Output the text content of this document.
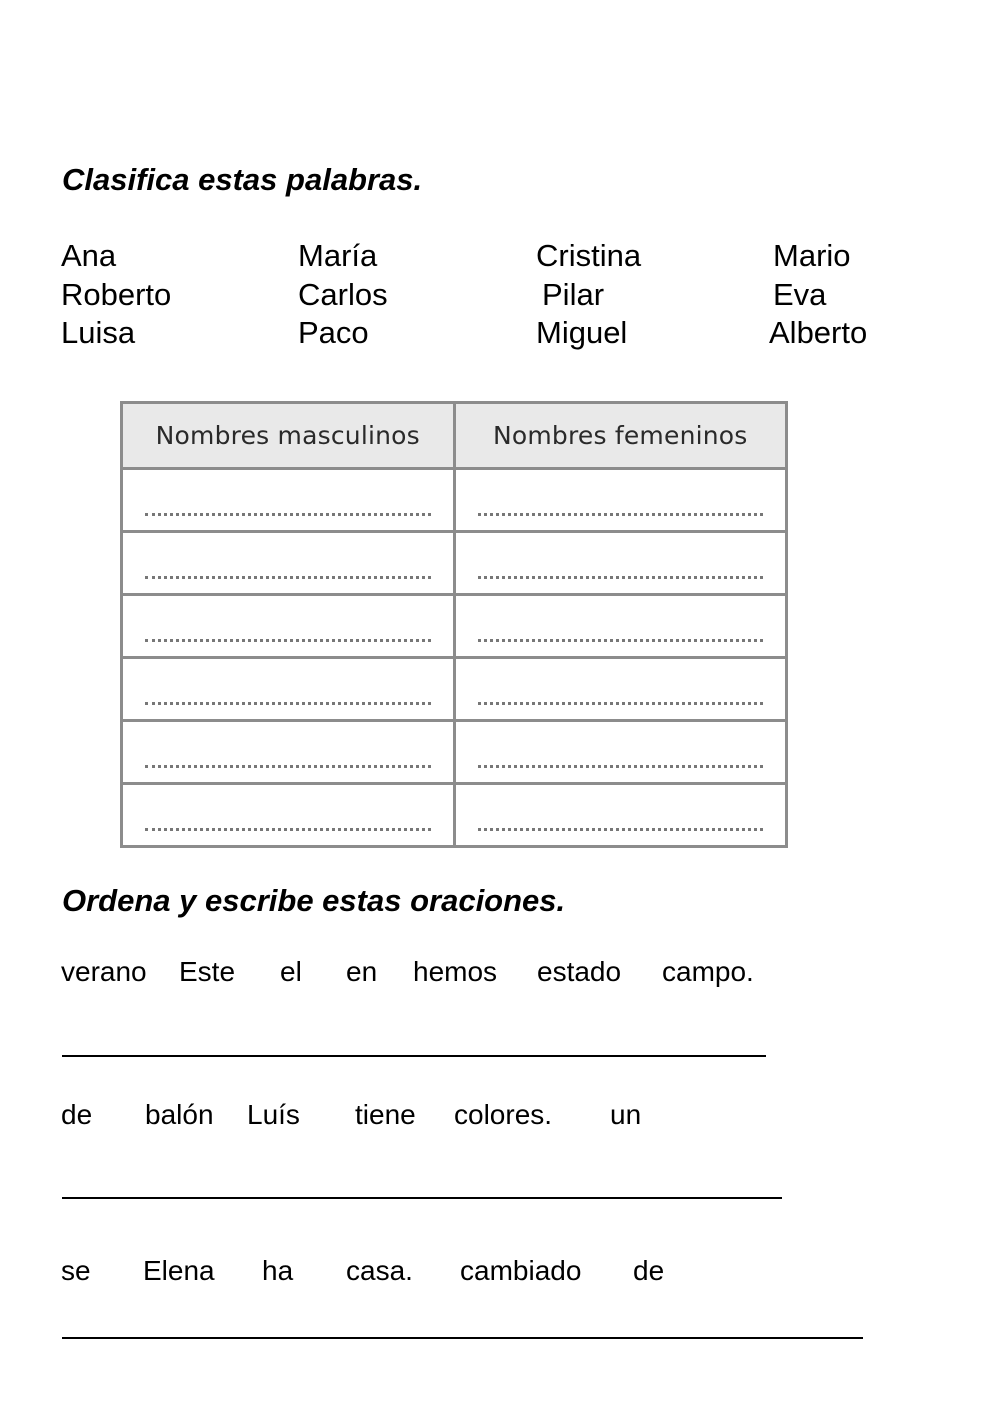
Clasifica estas palabras.
Ana	María	Cristina	Mario
Roberto	Carlos	Pilar	Eva
Luisa	Paco	Miguel	Alberto
Nombres masculinos	Nombres femeninos
Ordena y escribe estas oraciones.
verano Este el en hemos estado campo.
de balón Luís tiene colores. un
se Elena ha casa. cambiado de
